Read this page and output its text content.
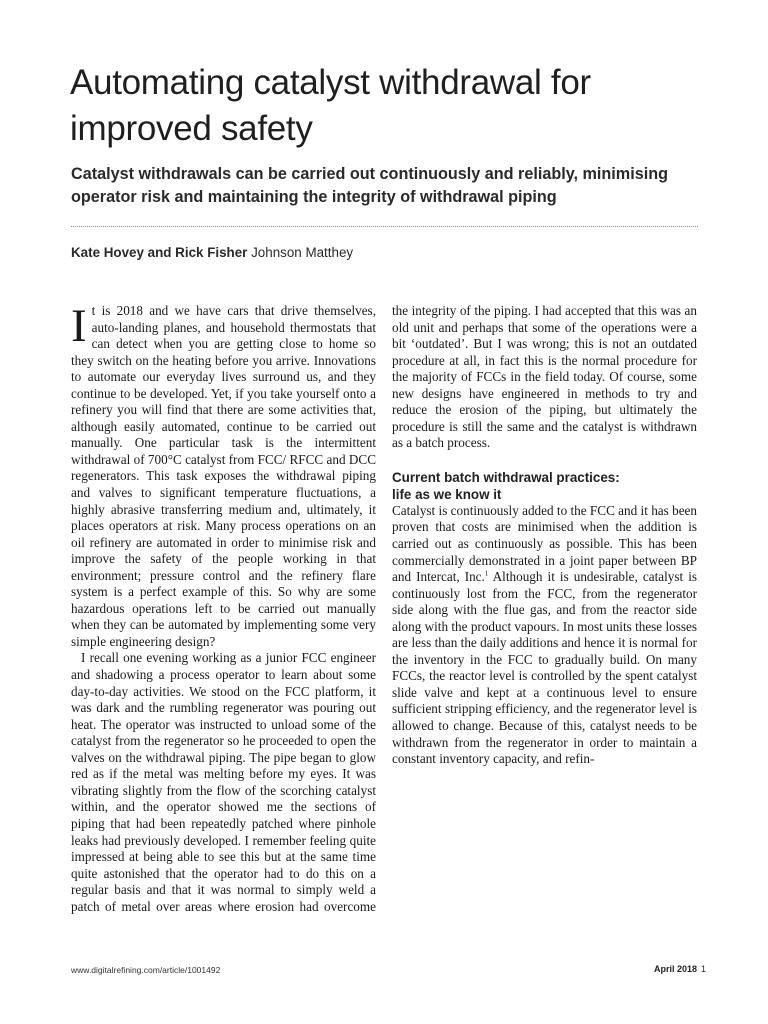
Automating catalyst withdrawal for improved safety
Catalyst withdrawals can be carried out continuously and reliably, minimising operator risk and maintaining the integrity of withdrawal piping
Kate Hovey and Rick Fisher Johnson Matthey

It is 2018 and we have cars that drive themselves, auto-landing planes, and household thermostats that can detect when you are getting close to home so they switch on the heating before you arrive. Innovations to automate our everyday lives surround us, and they continue to be developed. Yet, if you take yourself onto a refinery you will find that there are some activities that, although easily automated, continue to be carried out manually. One particular task is the intermittent withdrawal of 700°C catalyst from FCC/ RFCC and DCC regenerators. This task exposes the withdrawal piping and valves to significant temperature fluctuations, a highly abrasive transferring medium and, ultimately, it places operators at risk. Many process operations on an oil refinery are automated in order to minimise risk and improve the safety of the people working in that environment; pressure control and the refinery flare system is a perfect example of this. So why are some hazardous operations left to be carried out manually when they can be automated by implementing some very simple engineering design?

I recall one evening working as a junior FCC engineer and shadowing a process operator to learn about some day-to-day activities. We stood on the FCC platform, it was dark and the rumbling regenerator was pouring out heat. The operator was instructed to unload some of the catalyst from the regenerator so he proceeded to open the valves on the withdrawal piping. The pipe began to glow red as if the metal was melting before my eyes. It was vibrating slightly from the flow of the scorching catalyst within, and the operator showed me the sections of piping that had been repeatedly patched where pinhole leaks had previously developed. I remember feeling quite impressed at being able to see this but at the same time quite astonished that the operator had to do this on a regular basis and that it was normal to simply weld a patch of metal over areas where erosion had overcome

the integrity of the piping. I had accepted that this was an old unit and perhaps that some of the operations were a bit ‘outdated’. But I was wrong; this is not an outdated procedure at all, in fact this is the normal procedure for the majority of FCCs in the field today. Of course, some new designs have engineered in methods to try and reduce the erosion of the piping, but ultimately the procedure is still the same and the catalyst is withdrawn as a batch process.

Current batch withdrawal practices:
life as we know it

Catalyst is continuously added to the FCC and it has been proven that costs are minimised when the addition is carried out as continuously as possible. This has been commercially demonstrated in a joint paper between BP and Intercat, Inc.$^1$ Although it is undesirable, catalyst is continuously lost from the FCC, from the regenerator side along with the flue gas, and from the reactor side along with the product vapours. In most units these losses are less than the daily additions and hence it is normal for the inventory in the FCC to gradually build. On many FCCs, the reactor level is controlled by the spent catalyst slide valve and kept at a continuous level to ensure sufficient stripping efficiency, and the regenerator level is allowed to change. Because of this, catalyst needs to be withdrawn from the regenerator in order to maintain a constant inventory capacity, and refin-

www.digitalrefining.com/article/1001492	April 2018 1
